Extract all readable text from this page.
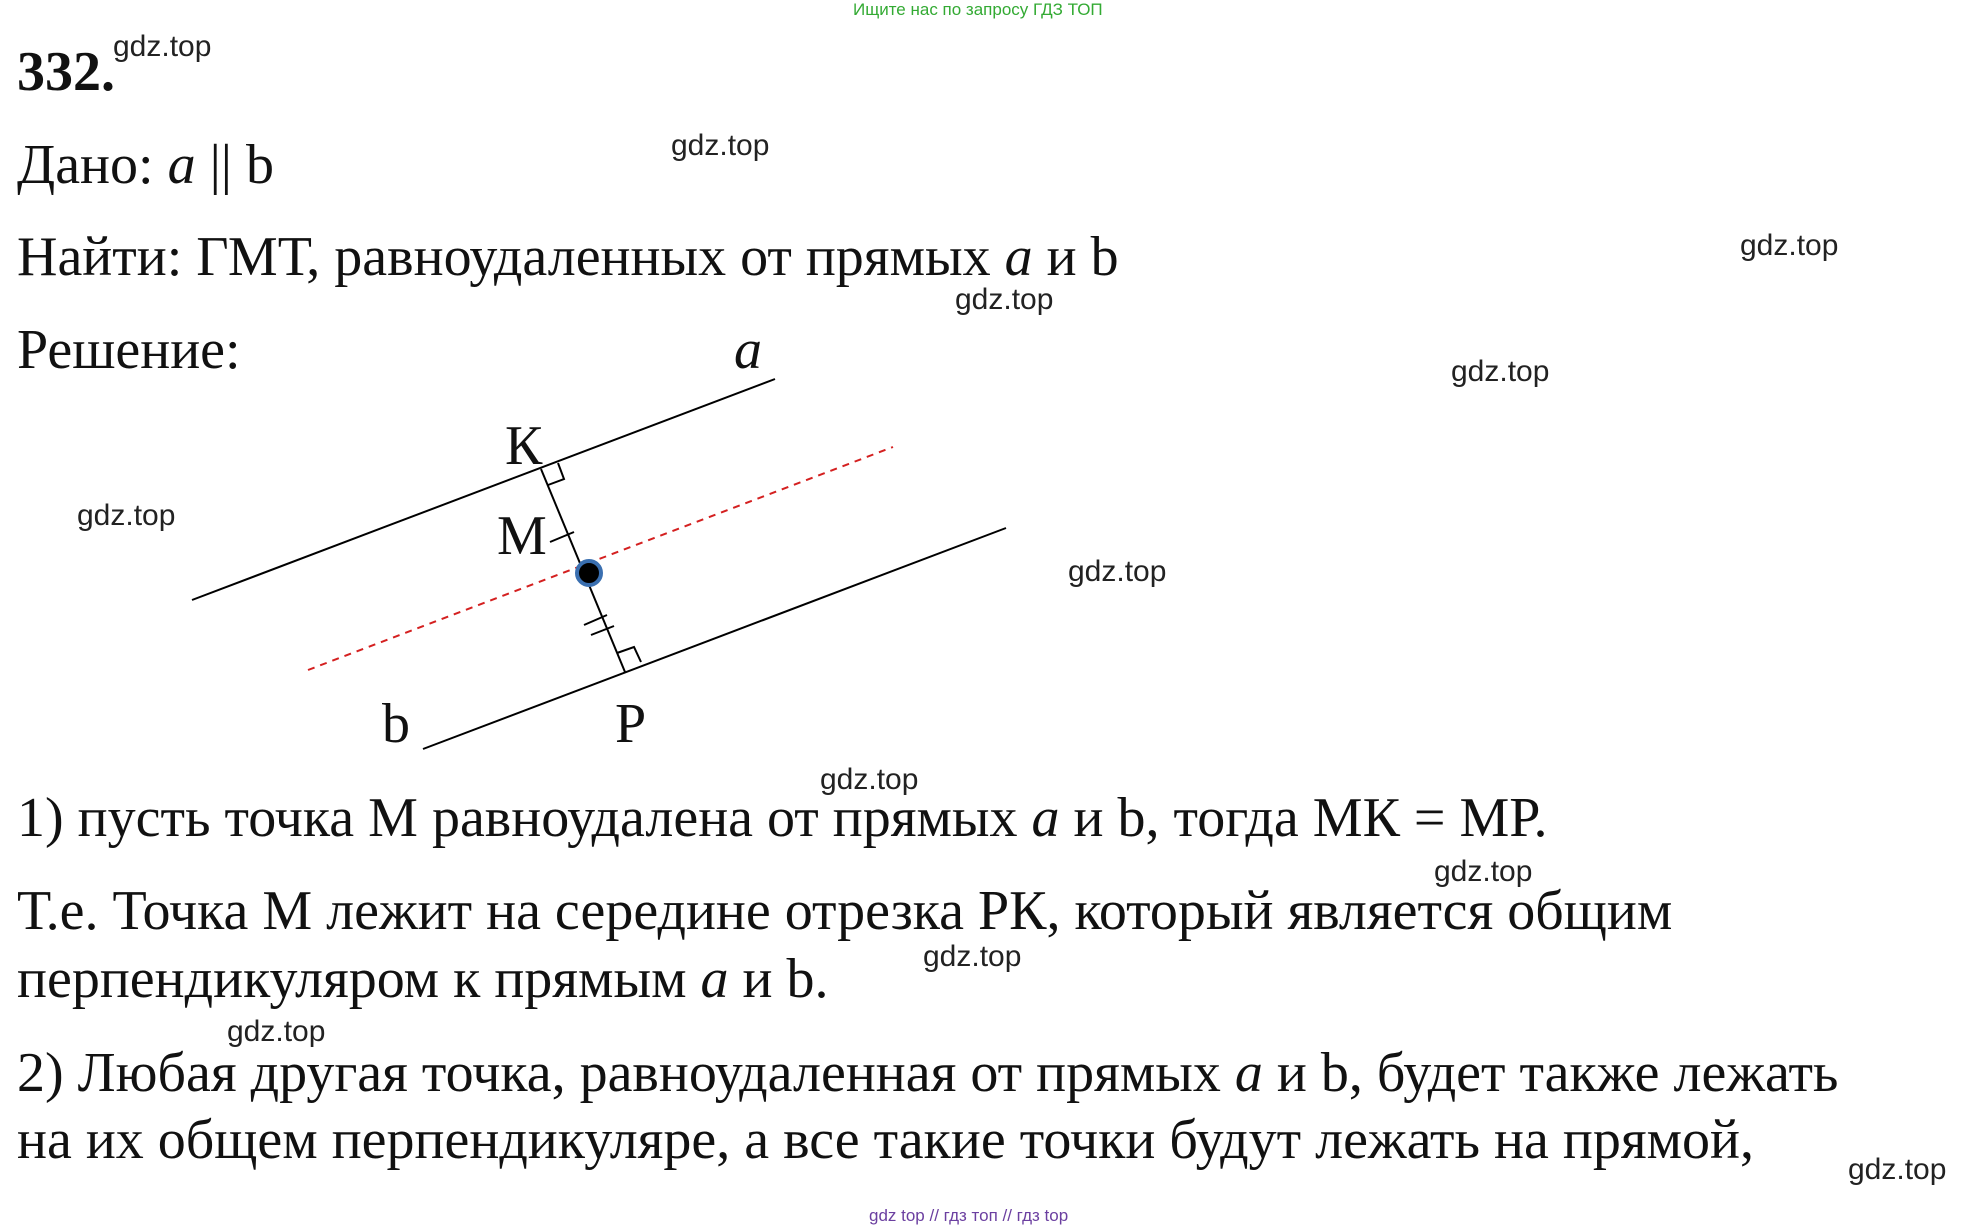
Ищите нас по запросу ГДЗ ТОП
332.
Дано: a || b
Найти: ГМТ, равноудаленных от прямых a и b
Решение:	a
b
К
М
Р
1) пусть точка М равноудалена от прямых a и b, тогда МК = МР.
Т.е. Точка М лежит на середине отрезка РК, который является общим
перпендикуляром к прямым a и b.
2) Любая другая точка, равноудаленная от прямых a и b, будет также лежать
на их общем перпендикуляре, а все такие точки будут лежать на прямой,
gdz.top
gdz.top
gdz.top
gdz.top
gdz.top
gdz.top
gdz.top
gdz.top
gdz.top
gdz.top
gdz.top
gdz.top
gdz top // гдз топ // гдз top
